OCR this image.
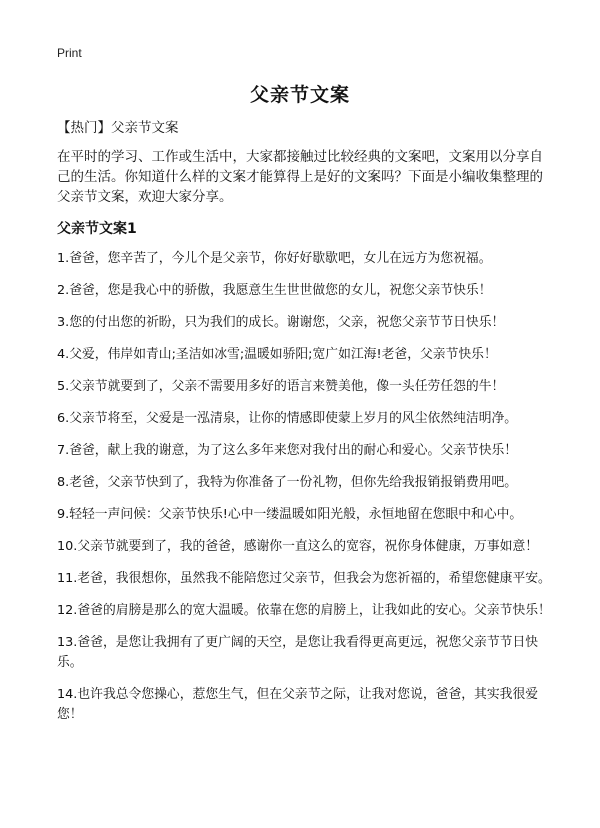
Print
父亲节文案

【热门】父亲节文案

在平时的学习、工作或生活中，大家都接触过比较经典的文案吧，文案用以分享自己的生活。你知道什么样的文案才能算得上是好的文案吗？下面是小编收集整理的父亲节文案，欢迎大家分享。

父亲节文案1

1.爸爸，您辛苦了，今儿个是父亲节，你好好歇歇吧，女儿在远方为您祝福。
2.爸爸，您是我心中的骄傲，我愿意生生世世做您的女儿，祝您父亲节快乐！
3.您的付出您的祈盼，只为我们的成长。谢谢您，父亲，祝您父亲节节日快乐！
4.父爱，伟岸如青山;圣洁如冰雪;温暖如骄阳;宽广如江海!老爸，父亲节快乐！
5.父亲节就要到了，父亲不需要用多好的语言来赞美他，像一头任劳任怨的牛！
6.父亲节将至，父爱是一泓清泉，让你的情感即使蒙上岁月的风尘依然纯洁明净。
7.爸爸，献上我的谢意，为了这么多年来您对我付出的耐心和爱心。父亲节快乐！
8.老爸，父亲节快到了，我特为你准备了一份礼物，但你先给我报销报销费用吧。
9.轻轻一声问候：父亲节快乐!心中一缕温暖如阳光般，永恒地留在您眼中和心中。
10.父亲节就要到了，我的爸爸，感谢你一直这么的宽容，祝你身体健康，万事如意！
11.老爸，我很想你，虽然我不能陪您过父亲节，但我会为您祈福的，希望您健康平安。
12.爸爸的肩膀是那么的宽大温暖。依靠在您的肩膀上，让我如此的安心。父亲节快乐！
13.爸爸，是您让我拥有了更广阔的天空，是您让我看得更高更远，祝您父亲节节日快乐。
14.也许我总令您操心，惹您生气，但在父亲节之际，让我对您说，爸爸，其实我很爱您！
